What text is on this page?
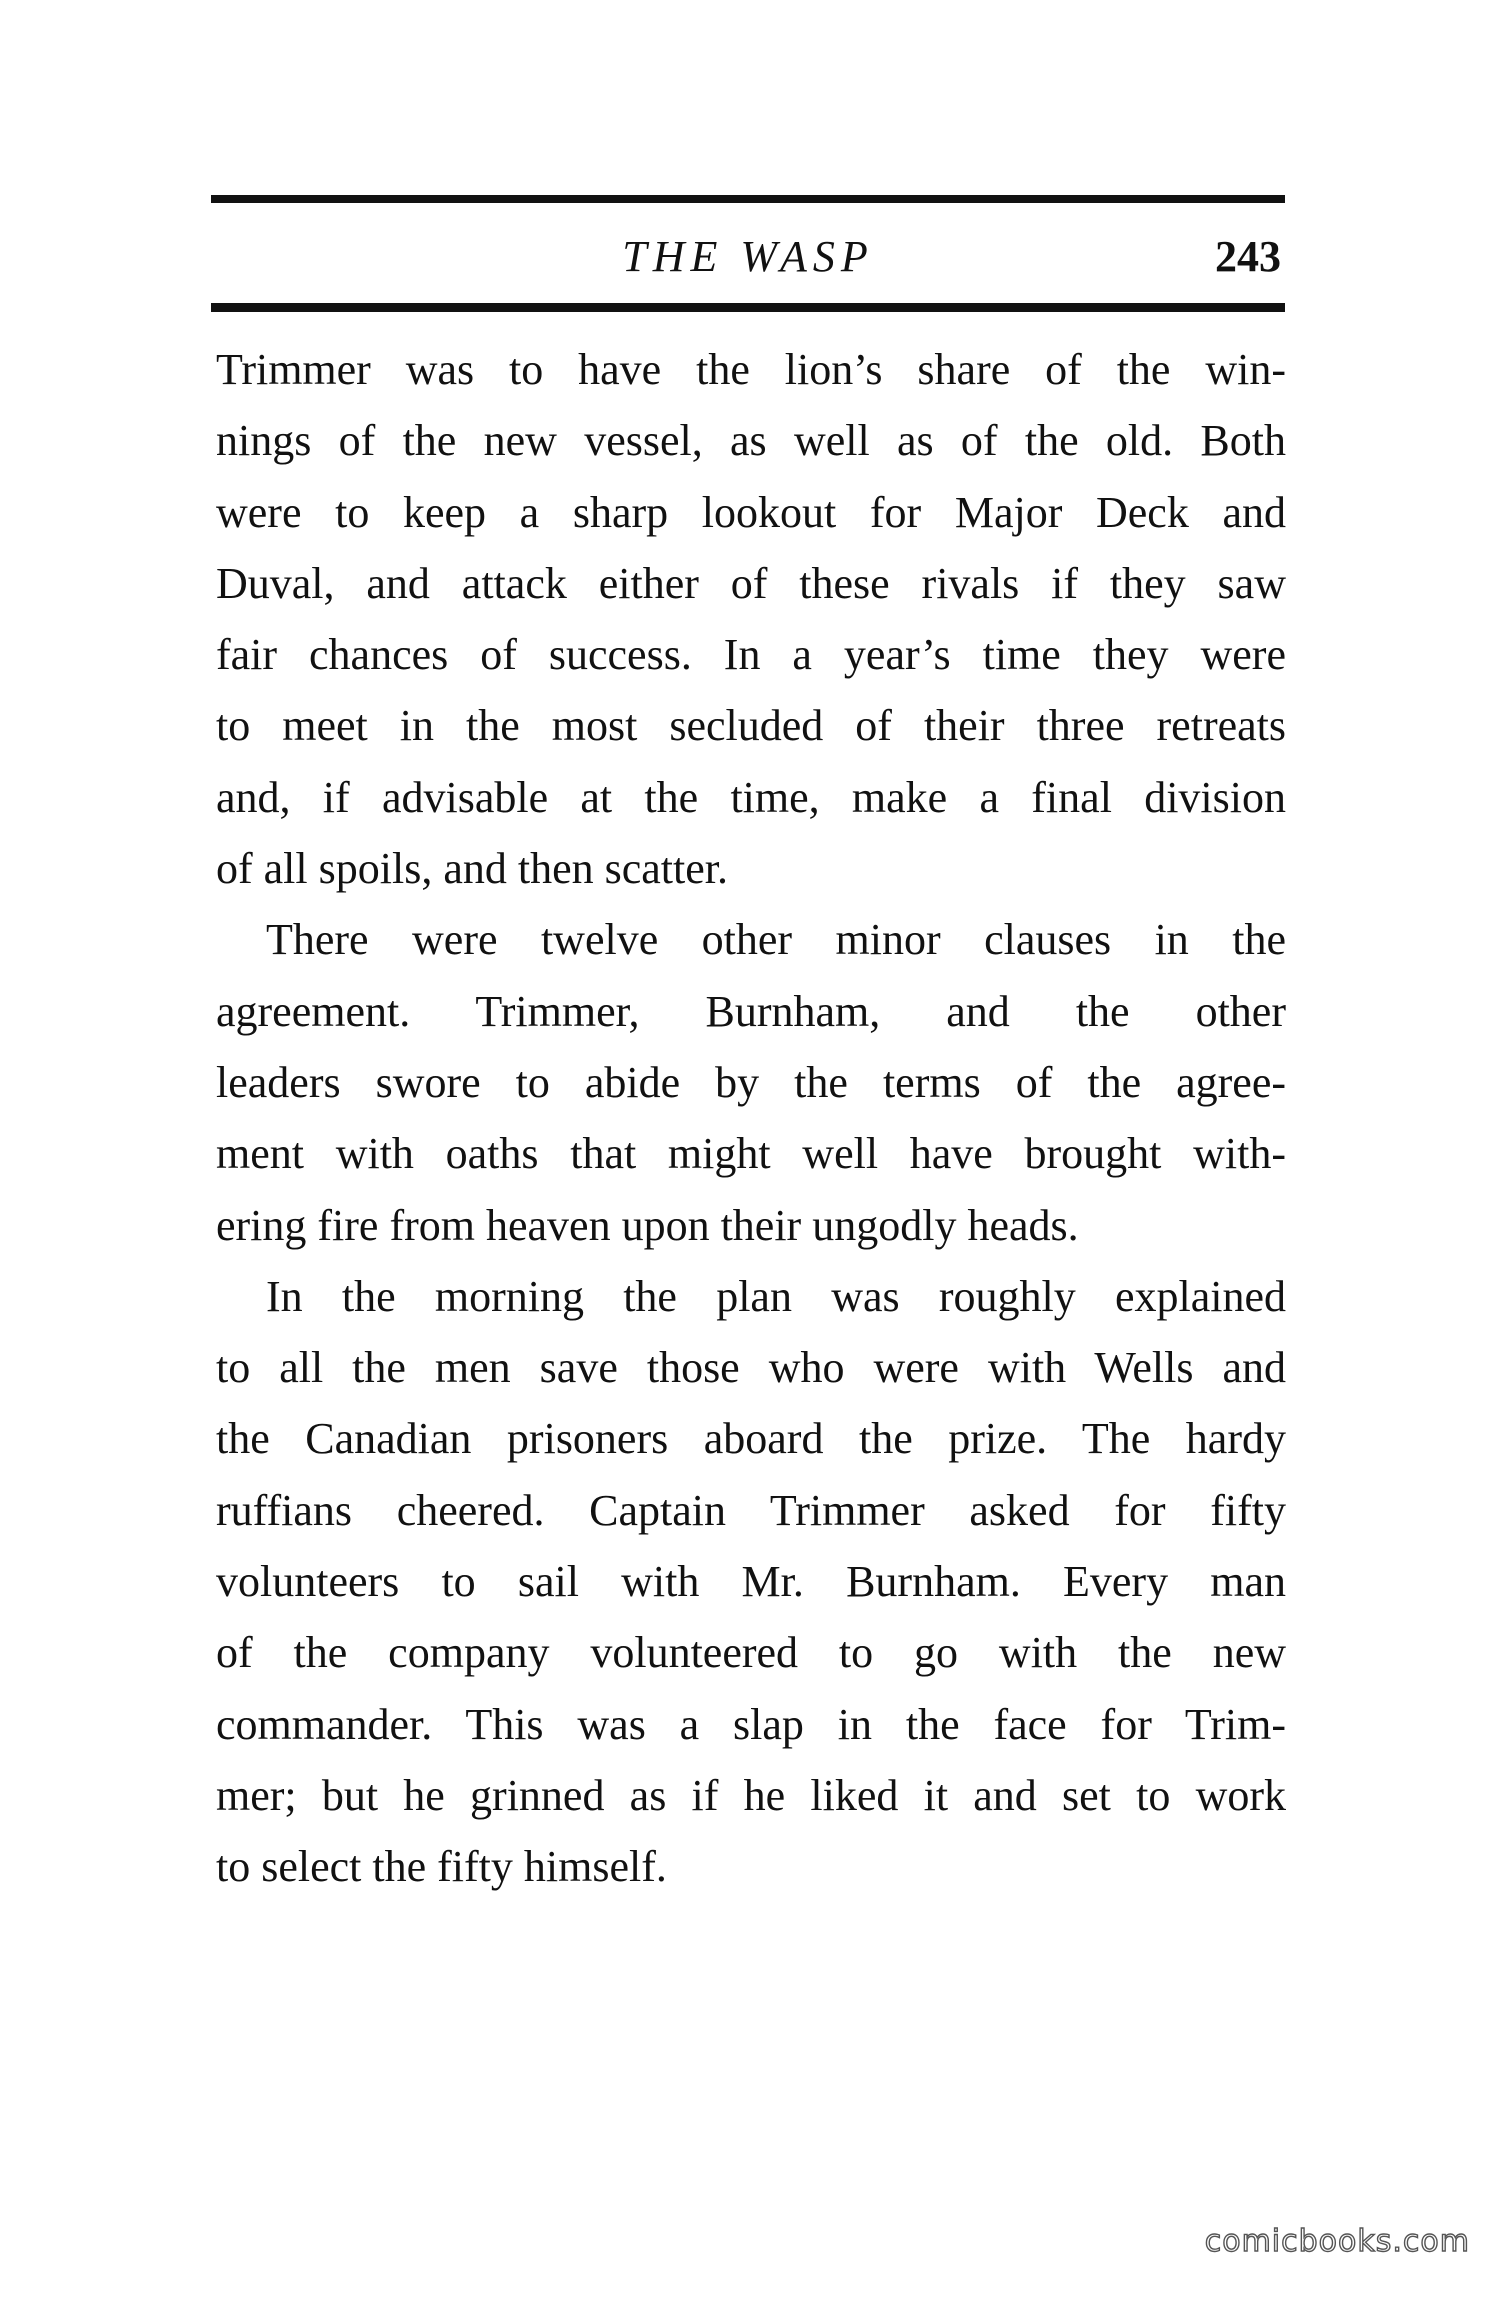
THE WASP	243
Trimmer was to have the lion’s share of the win-
nings of the new vessel, as well as of the old. Both
were to keep a sharp lookout for Major Deck and
Duval, and attack either of these rivals if they saw
fair chances of success. In a year’s time they were
to meet in the most secluded of their three retreats
and, if advisable at the time, make a final division
of all spoils, and then scatter.
There were twelve other minor clauses in the
agreement. Trimmer, Burnham, and the other
leaders swore to abide by the terms of the agree-
ment with oaths that might well have brought with-
ering fire from heaven upon their ungodly heads.
In the morning the plan was roughly explained
to all the men save those who were with Wells and
the Canadian prisoners aboard the prize. The hardy
ruffians cheered. Captain Trimmer asked for fifty
volunteers to sail with Mr. Burnham. Every man
of the company volunteered to go with the new
commander. This was a slap in the face for Trim-
mer; but he grinned as if he liked it and set to work
to select the fifty himself.
comicbooks.com
